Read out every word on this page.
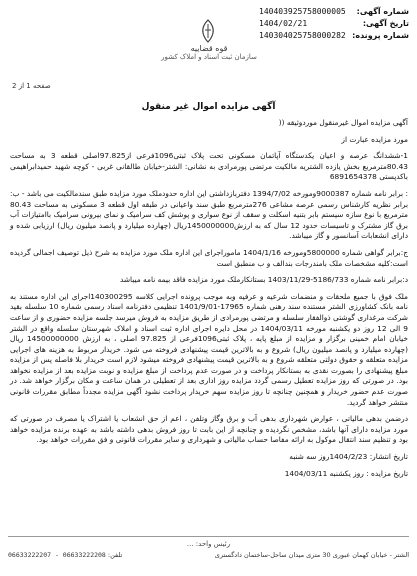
شماره آگهی:
140403925758000005
تاریخ آگهی:
1404/02/21
شماره پرونده:
140304025758000282
قوه قضاییه
سازمان ثبت اسناد و املاک کشور
صفحه 1 از 2
آگهی مزایده اموال غیر منقول

آگهی مزایده اموال غیرمنقول موردوثیقه ((

مورد مزایده عبارت از

1-ششدانگ عرصه و اعیان یکدستگاه آپاتمان مسکونی تحت پلاک ثبتی1096فرعی از97.825اصلی قطعه 3 به مساحت 80.43مترمربع بخش یازده الشتریه مالکیت مرتضی پورمرادی به نشانی: الشتر-خیابان طالقانی غربی - کوچه شهید حمیدابراهیمی باکدپستی 6891654378

: برابر نامه شماره 9000387ومورخه 1394/7/02 دفتربازداشتی این اداره حدودملک مورد مزایده طبق سندمالکیت می باشد - ب: برابر نظریه کارشناس رسمی عرصه مشاعی 276مترمربع طبق سند واعیانی در طبقه اول قطعه 3 مسکونی به مساحت 80.43 مترمربع با نوع سازه سیستم بابر بتنیه اسکلت و سقف از نوع سواری و پوشش کف سرامیک و نمای بیرونی سرامیک باامتیازات آب برق گاز مشترک و تاسیسات حدود 12 سال که به ارزش1450000000ریال (چهارده میلیارد و پانصد میلیون ریال) ارزیابی شده و دارای انشعابات آسانسور و گاز میباشد.

ج:برابر گواهی شماره 5800000ومورخه 1404/1/16 ماموراجرای این اداره ملک مورد مزایده به شرح ذیل توصیف اجمالی گردیده است:کلیه مشخصات ملک بامندرجات بندالف و ب منطبق است

د:برابر نامه شماره 5186/733-1403/11/29 بستانکارملک مورد مزایده فاقد بیمه نامه میباشد

ملک فوق با جمیع ملحقات و منضمات شرعیه و عرفیه وبه موجب پرونده اجرایی کلاسه 140300295اجرای این اداره مستند به نامه بانک کشاورزی الشتر مستنده سند رهنی شماره 17965-1401/9/01 تنظیمی دفترنامه اسناد رسمی شماره 10 سلسله بقید شرکت مرغداری گوشتی ذوالفقار سلسله و مرتضی پورمرادی از طریق مزایده به فروش میرسد جلسه مزایده حضوری و از ساعت 9 الی 12 روز دو یکشنبه مورخه 1404/03/11 در محل دایره اجرای اداره ثبت اسناد و املاک شهرستان سلسله واقع در الشتر خیابان امام خمینی برگزار و مزایده از مبلغ پایه ، پلاک ثبتی1096فرعی از 97.825 اصلی ، به ارزش 14500000000 ریال (چهارده میلیارد و پانصد میلیون ریال) شروع و به بالاترین قیمت پیشنهادی فروخته می شود. خریدار مربوط به هزینه های اجرایی مزایده متعلقه و حقوق دولتی متعلقه شروع و به بالاترین قیمت پیشنهادی فروخته میشود لازم است خریدار بلا فاصله پس از مزایده مبلغ پیشنهادی را بصورت نقدی به بستانکار پرداخت و در صورت عدم پرداخت از مبلغ مزایده و نوبت مزایده بعد از مزایده نخواهد بود. در صورتی که روز مزایده تعطیل رسمی گردد مزایده روز اداری بعد از تعطیلی در همان ساعت و مکان برگزار خواهد شد. در صورت عدم حضور خریدار و همچنین چنانچه تا روز مزایده سهم خریدار پرداخت نشود آگهی مزایده مجدداً مطابق مقررات قانونی منتشر خواهد گردید.

درضمن بدهی مالیاتی ، عوارض شهرداری بدهی آب و برق وگاز وتلفن ، اعم از حق انشعاب یا اشتراک یا مصرف در صورتی که مورد مزایده دارای آنها باشد، مشخص نگردیده و چنانچه از این بابت تا روز فروش بدهی داشته باشد به عهده برنده مزایده خواهد بود و تنظیم سند انتقال موکول به ارائه مفاصا حساب مالیاتی و شهرداری و سایر مقررات قانونی و فق مقررات خواهد بود.

تاریخ انتشار: 1404/2/23روز سه شنبه

تاریخ مزایده : روز یکشنبه 1404/03/11

رئیس واحد: ...
الشتر - خیابان کهمان عبوری 30 متری میدان ساحل-ساختمان دادگستری
تلفن: 06633222208 - 06633222207
